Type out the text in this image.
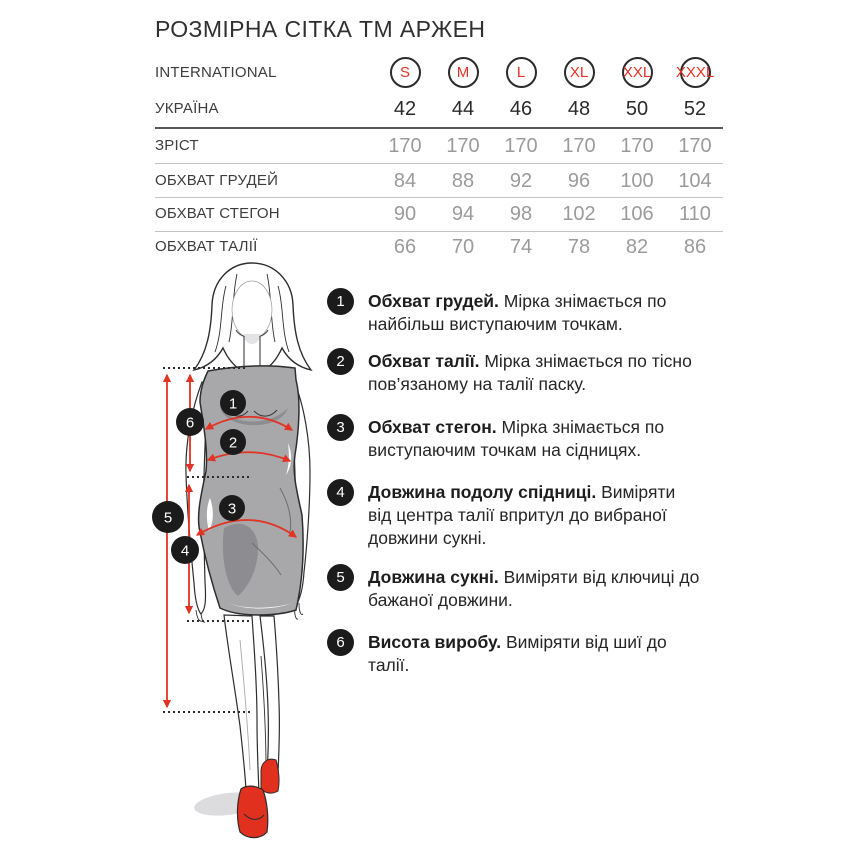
РОЗМІРНА СІТКА ТМ АРЖЕН
INTERNATIONAL	S	M	L	XL XXL XXXL
УКРАЇНА	42	44	46	48	50	52
ЗРІСТ	170	170	170	170	170	170
ОБХВАТ ГРУДЕЙ	84	88	92	96	100	104
ОБХВАТ СТЕГОН	90	94	98	102	106	110
ОБХВАТ ТАЛІЇ	66	70	74	78	82	86
1	Обхват грудей. Мірка знімається по найбільш виступаючим точкам.
2	Обхват талії. Мірка знімається по тісно пов’язаному на талії паску.
3	Обхват стегон. Мірка знімається по виступаючим точкам на сідницях.
4	Довжина подолу спідниці. Виміряти від центра талії впритул до вибраної довжини сукні.
5	Довжина сукні. Виміряти від ключиці до бажаної довжини.
6	Висота виробу. Виміряти від шиї до талії.
1
2
3
6
5
4
